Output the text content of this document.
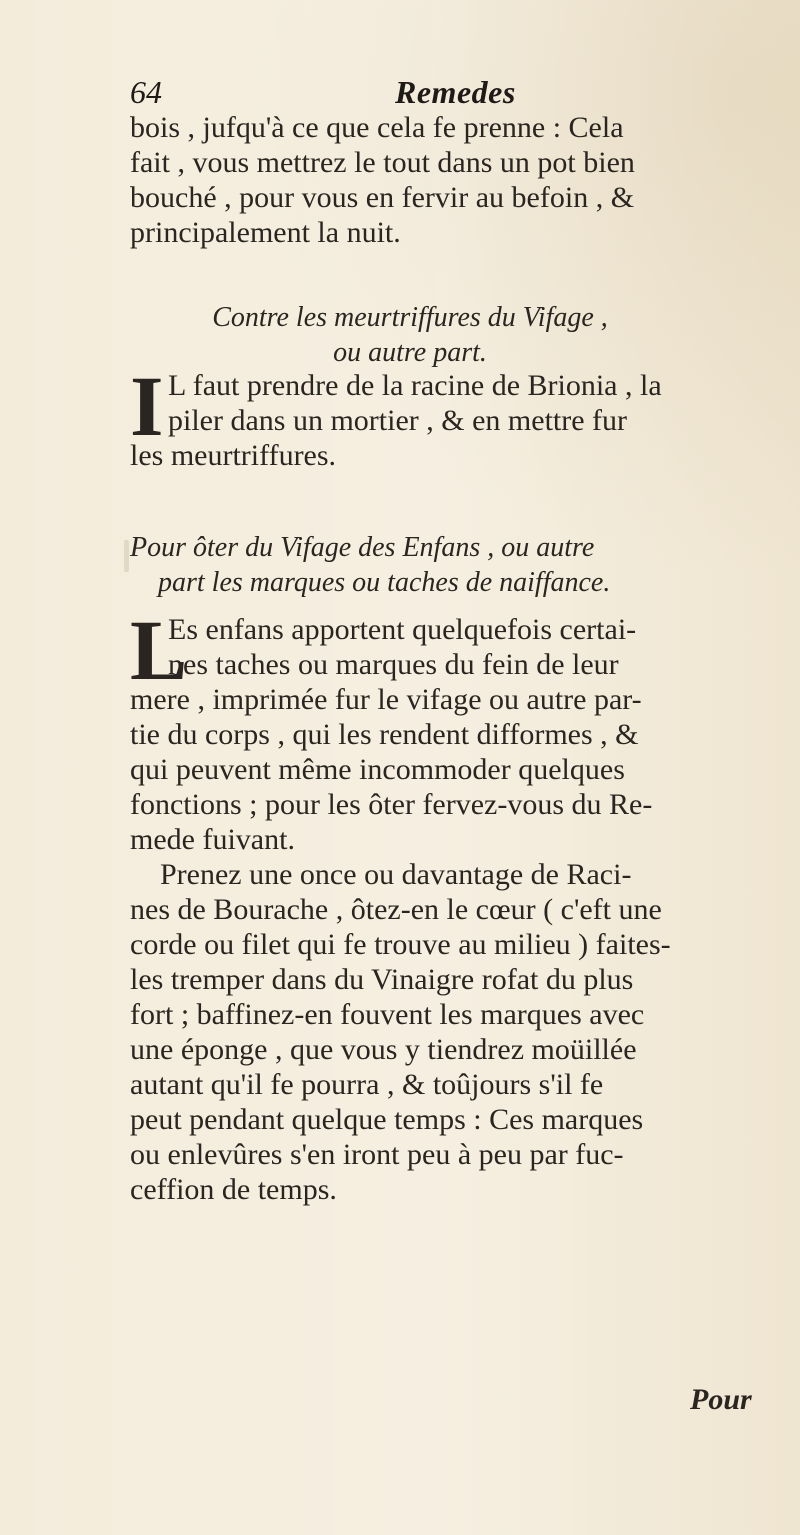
64	Remedes
bois , jufqu'à ce que cela fe prenne : Cela
fait , vous mettrez le tout dans un pot bien
bouché , pour vous en fervir au befoin , &
principalement la nuit.
Contre les meurtriffures du Vifage ,
ou autre part.
I L faut prendre de la racine de Brionia , la
piler dans un mortier , & en mettre fur
les meurtriffures.
Pour ôter du Vifage des Enfans , ou autre
part les marques ou taches de naiffance.
L
Es enfans apportent quelquefois certai-
nes taches ou marques du fein de leur
mere , imprimée fur le vifage ou autre par-
tie du corps , qui les rendent difformes , &
qui peuvent même incommoder quelques
fonctions ; pour les ôter fervez-vous du Re-
mede fuivant.
Prenez une once ou davantage de Raci-
nes de Bourache , ôtez-en le cœur ( c'eft une
corde ou filet qui fe trouve au milieu ) faites-
les tremper dans du Vinaigre rofat du plus
fort ; baffinez-en fouvent les marques avec
une éponge , que vous y tiendrez moüillée
autant qu'il fe pourra , & toûjours s'il fe
peut pendant quelque temps : Ces marques
ou enlevûres s'en iront peu à peu par fuc-
ceffion de temps.
Pour
